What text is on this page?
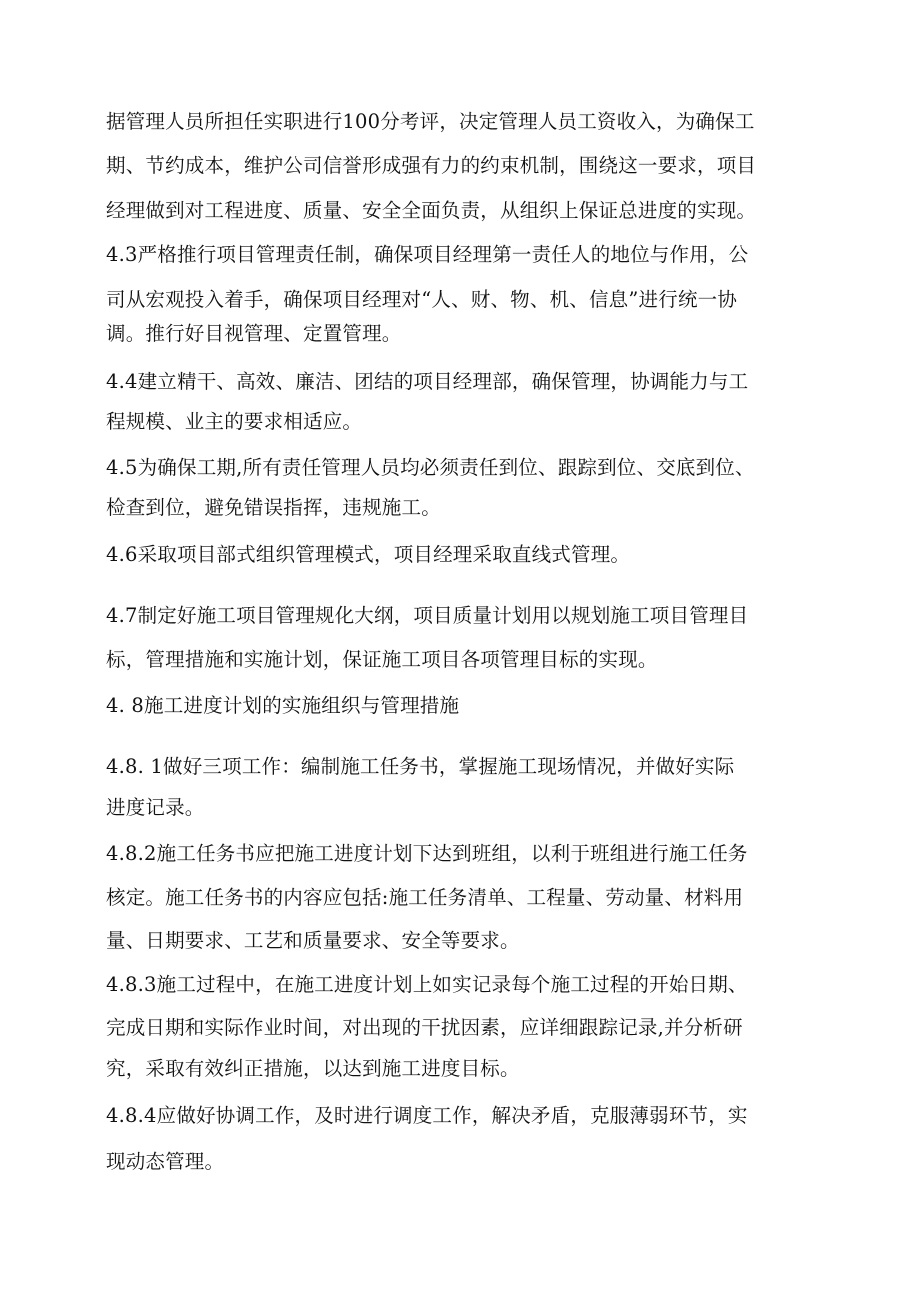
据管理人员所担任实职进行100分考评，决定管理人员工资收入，为确保工
期、节约成本，维护公司信誉形成强有力的约束机制，围绕这一要求，项目
经理做到对工程进度、质量、安全全面负责，从组织上保证总进度的实现。
4.3严格推行项目管理责任制，确保项目经理第一责任人的地位与作用，公
司从宏观投入着手，确保项目经理对“人、财、物、机、信息”进行统一协
调。推行好目视管理、定置管理。
4.4建立精干、高效、廉洁、团结的项目经理部，确保管理，协调能力与工
程规模、业主的要求相适应。
4.5为确保工期,所有责任管理人员均必须责任到位、跟踪到位、交底到位、
检查到位，避免错误指挥，违规施工。
4.6采取项目部式组织管理模式，项目经理采取直线式管理。
4.7制定好施工项目管理规化大纲，项目质量计划用以规划施工项目管理目
标，管理措施和实施计划，保证施工项目各项管理目标的实现。
4. 8施工进度计划的实施组织与管理措施
4.8. 1做好三项工作：编制施工任务书，掌握施工现场情况，并做好实际
进度记录。
4.8.2施工任务书应把施工进度计划下达到班组，以利于班组进行施工任务
核定。施工任务书的内容应包括:施工任务清单、工程量、劳动量、材料用
量、日期要求、工艺和质量要求、安全等要求。
4.8.3施工过程中，在施工进度计划上如实记录每个施工过程的开始日期、
完成日期和实际作业时间，对出现的干扰因素，应详细跟踪记录,并分析研
究，采取有效纠正措施，以达到施工进度目标。
4.8.4应做好协调工作，及时进行调度工作，解决矛盾，克服薄弱环节，实
现动态管理。
